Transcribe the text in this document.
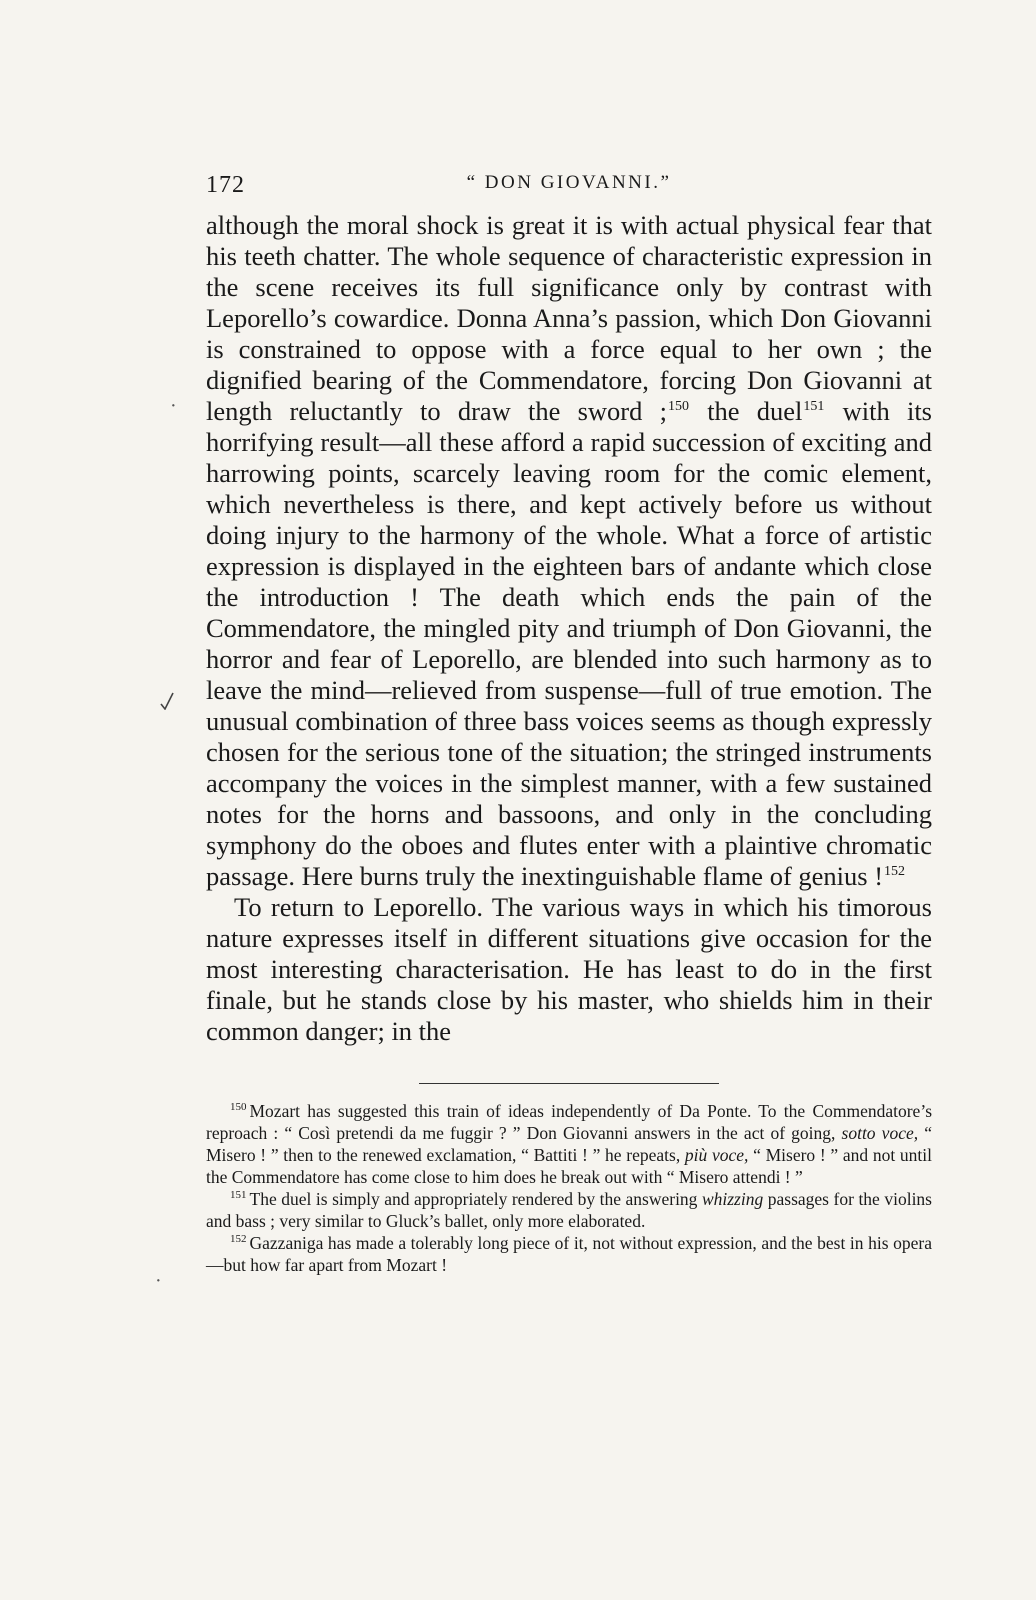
172	“ DON GIOVANNI.”

although the moral shock is great it is with actual physical fear that his teeth chatter. The whole sequence of characteristic expression in the scene receives its full significance only by contrast with Leporello’s cowardice. Donna Anna’s passion, which Don Giovanni is constrained to oppose with a force equal to her own ; the dignified bearing of the Commendatore, forcing Don Giovanni at length reluctantly to draw the sword ;$^{150}$ the duel$^{151}$ with its horrifying result—all these afford a rapid succession of exciting and harrowing points, scarcely leaving room for the comic element, which nevertheless is there, and kept actively before us without doing injury to the harmony of the whole. What a force of artistic expression is displayed in the eighteen bars of andante which close the introduction ! The death which ends the pain of the Commendatore, the mingled pity and triumph of Don Giovanni, the horror and fear of Leporello, are blended into such harmony as to leave the mind—relieved from suspense—full of true emotion. The unusual combination of three bass voices seems as though expressly chosen for the serious tone of the situation; the stringed instruments accompany the voices in the simplest manner, with a few sustained notes for the horns and bassoons, and only in the concluding symphony do the oboes and flutes enter with a plaintive chromatic passage. Here burns truly the inextinguishable flame of genius !$^{152}$

To return to Leporello. The various ways in which his timorous nature expresses itself in different situations give occasion for the most interesting characterisation. He has least to do in the first finale, but he stands close by his master, who shields him in their common danger; in the

$^{150}$ Mozart has suggested this train of ideas independently of Da Ponte. To the Commendatore’s reproach : “ Così pretendi da me fuggir ? ” Don Giovanni answers in the act of going, sotto voce, “ Misero ! ” then to the renewed exclamation, “ Battiti ! ” he repeats, più voce, “ Misero ! ” and not until the Commendatore has come close to him does he break out with “ Misero attendi ! ”

$^{151}$ The duel is simply and appropriately rendered by the answering whizzing passages for the violins and bass ; very similar to Gluck’s ballet, only more elaborated.

$^{152}$ Gazzaniga has made a tolerably long piece of it, not without expression, and the best in his opera—but how far apart from Mozart !

·
·
